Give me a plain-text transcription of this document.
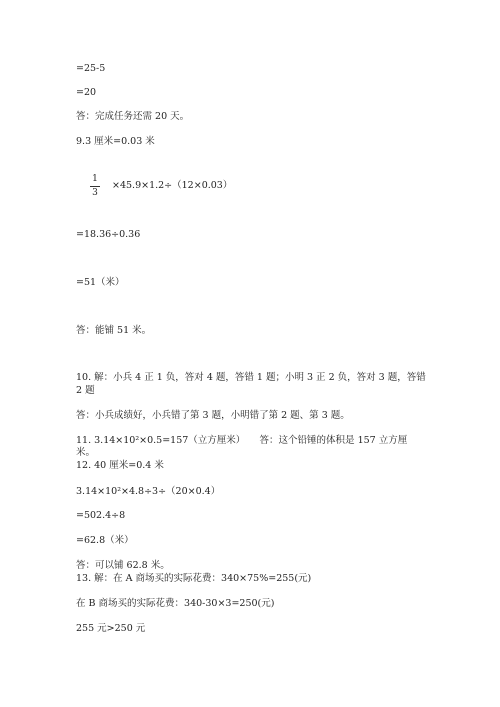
=25-5
=20
答：完成任务还需 20 天。
9.3 厘米=0.03 米
1
3
×45.9×1.2÷（12×0.03）
=18.36÷0.36
=51（米）
答：能铺 51 米。
10. 解：小兵 4 正 1 负，答对 4 题，答错 1 题；小明 3 正 2 负，答对 3 题，答错
2 题
答：小兵成绩好，小兵错了第 3 题，小明错了第 2 题、第 3 题。
11. 3.14×10²×0.5=157（立方厘米）　　答：这个铅锤的体积是 157 立方厘
米。
12. 40 厘米=0.4 米
3.14×10²×4.8÷3÷（20×0.4）
=502.4÷8
=62.8（米）
答：可以铺 62.8 米。
13. 解：在 A 商场买的实际花费：340×75%=255(元)
在 B 商场买的实际花费：340-30×3=250(元)
255 元>250 元
